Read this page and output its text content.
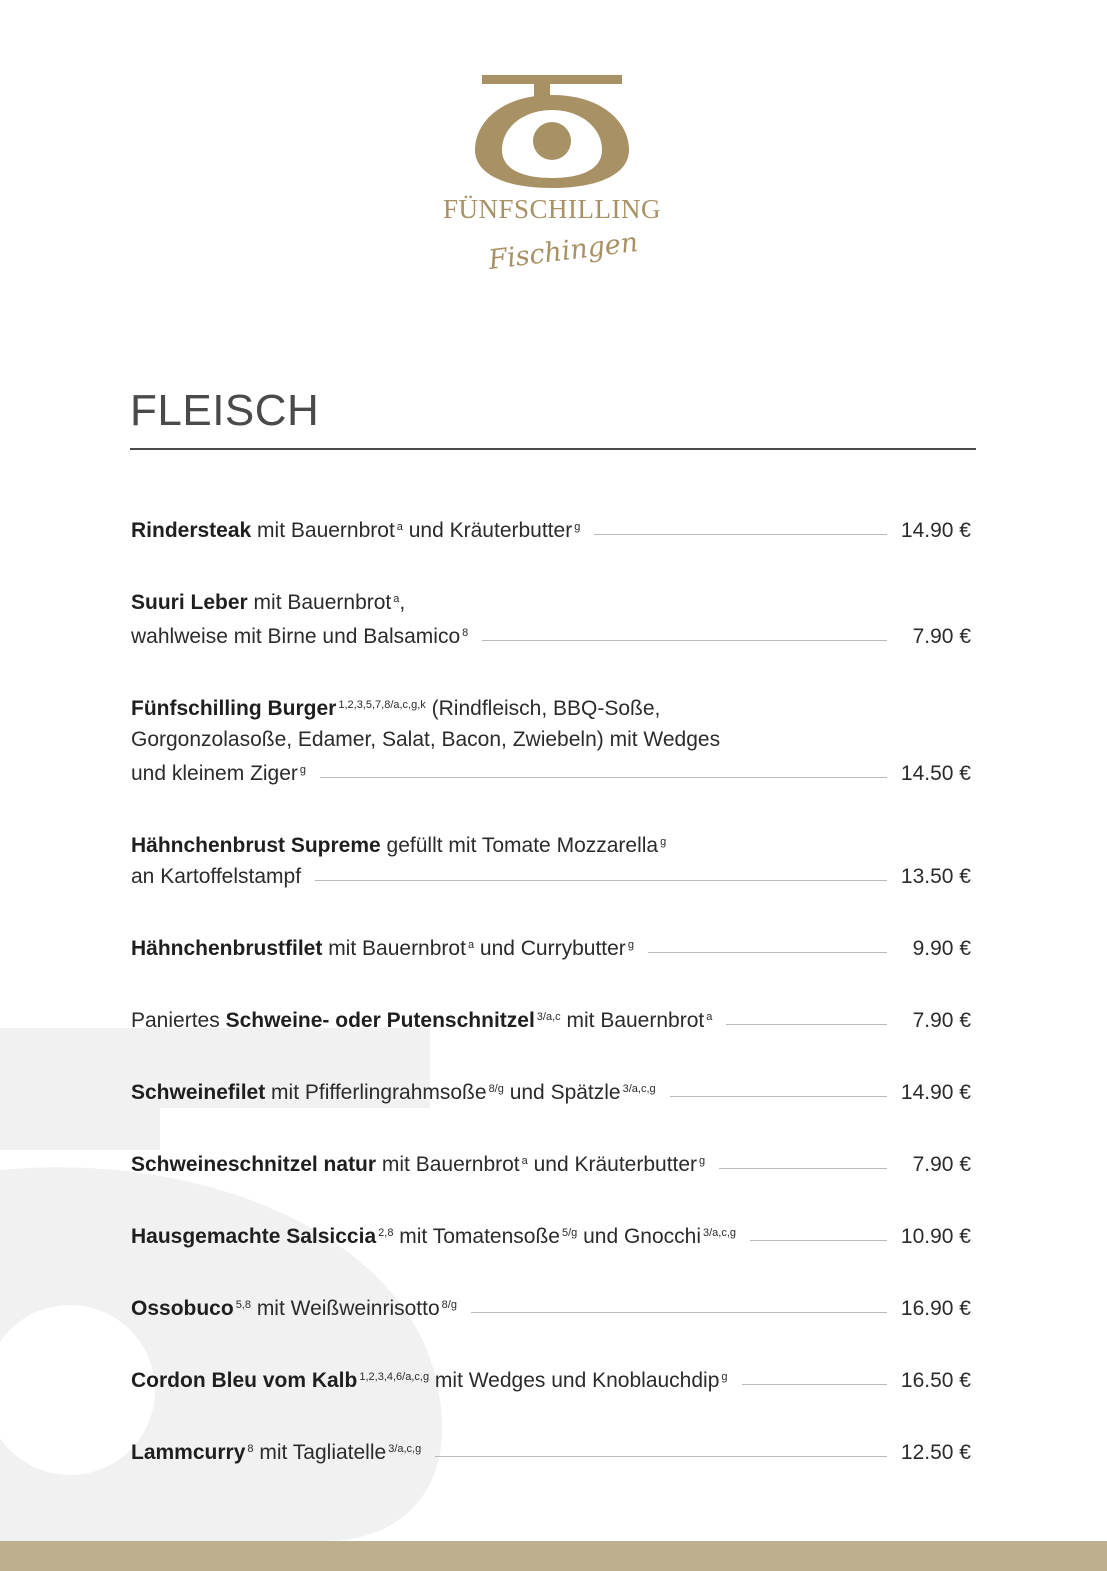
FÜNFSCHILLING
Fischingen
FLEISCH
Rindersteak mit Bauernbrot $^a$ und Kräuterbutter $^g$	14.90 €
Suuri Leber mit Bauernbrot $^a$,
wahlweise mit Birne und Balsamico $^8$	7.90 €
Fünfschilling Burger $^{1,2,3,5,7,8/a,c,g,k}$ (Rindfleisch, BBQ-Soße,
Gorgonzolasoße, Edamer, Salat, Bacon, Zwiebeln) mit Wedges
und kleinem Ziger $^g$	14.50 €
Hähnchenbrust Supreme gefüllt mit Tomate Mozzarella $^g$
an Kartoffelstampf	13.50 €
Hähnchenbrustfilet mit Bauernbrot $^a$ und Currybutter $^g$	9.90 €
Paniertes Schweine- oder Putenschnitzel $^{3/a,c}$ mit Bauernbrot $^a$	7.90 €
Schweinefilet mit Pfifferlingrahmsoße $^{8/g}$ und Spätzle $^{3/a,c,g}$	14.90 €
Schweineschnitzel natur mit Bauernbrot $^a$ und Kräuterbutter $^g$	7.90 €
Hausgemachte Salsiccia $^{2,8}$ mit Tomatensoße $^{5/g}$ und Gnocchi $^{3/a,c,g}$	10.90 €
Ossobuco $^{5,8}$ mit Weißweinrisotto $^{8/g}$	16.90 €
Cordon Bleu vom Kalb $^{1,2,3,4,6/a,c,g}$ mit Wedges und Knoblauchdip $^g$	16.50 €
Lammcurry $^8$ mit Tagliatelle $^{3/a,c,g}$	12.50 €
